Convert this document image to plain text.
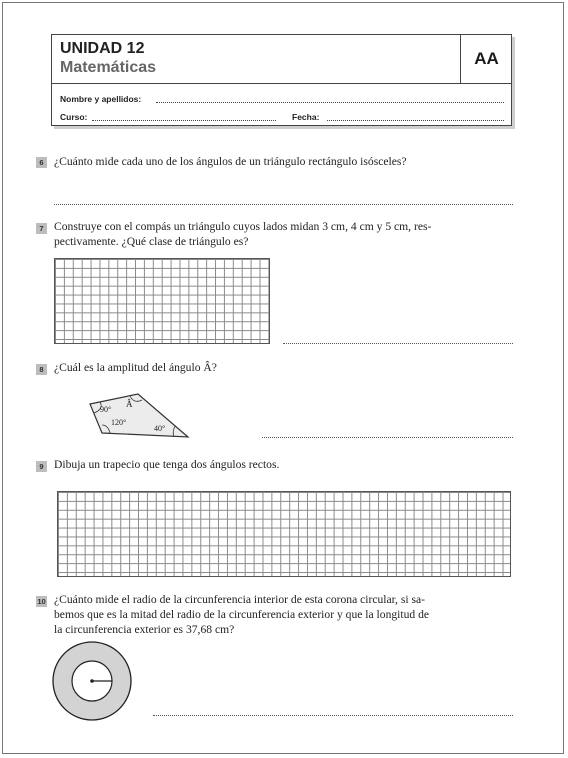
UNIDAD 12
Matemáticas	AA
Nombre y apellidos:
Curso:	Fecha:
6 ¿Cuánto mide cada uno de los ángulos de un triángulo rectángulo isósceles?
7 Construye con el compás un triángulo cuyos lados midan 3 cm, 4 cm y 5 cm, res-
pectivamente. ¿Qué clase de triángulo es?
8 ¿Cuál es la amplitud del ángulo Â?
90°
Â
120°
40°
9 Dibuja un trapecio que tenga dos ángulos rectos.
10 ¿Cuánto mide el radio de la circunferencia interior de esta corona circular, si sa-
bemos que es la mitad del radio de la circunferencia exterior y que la longitud de
la circunferencia exterior es 37,68 cm?
